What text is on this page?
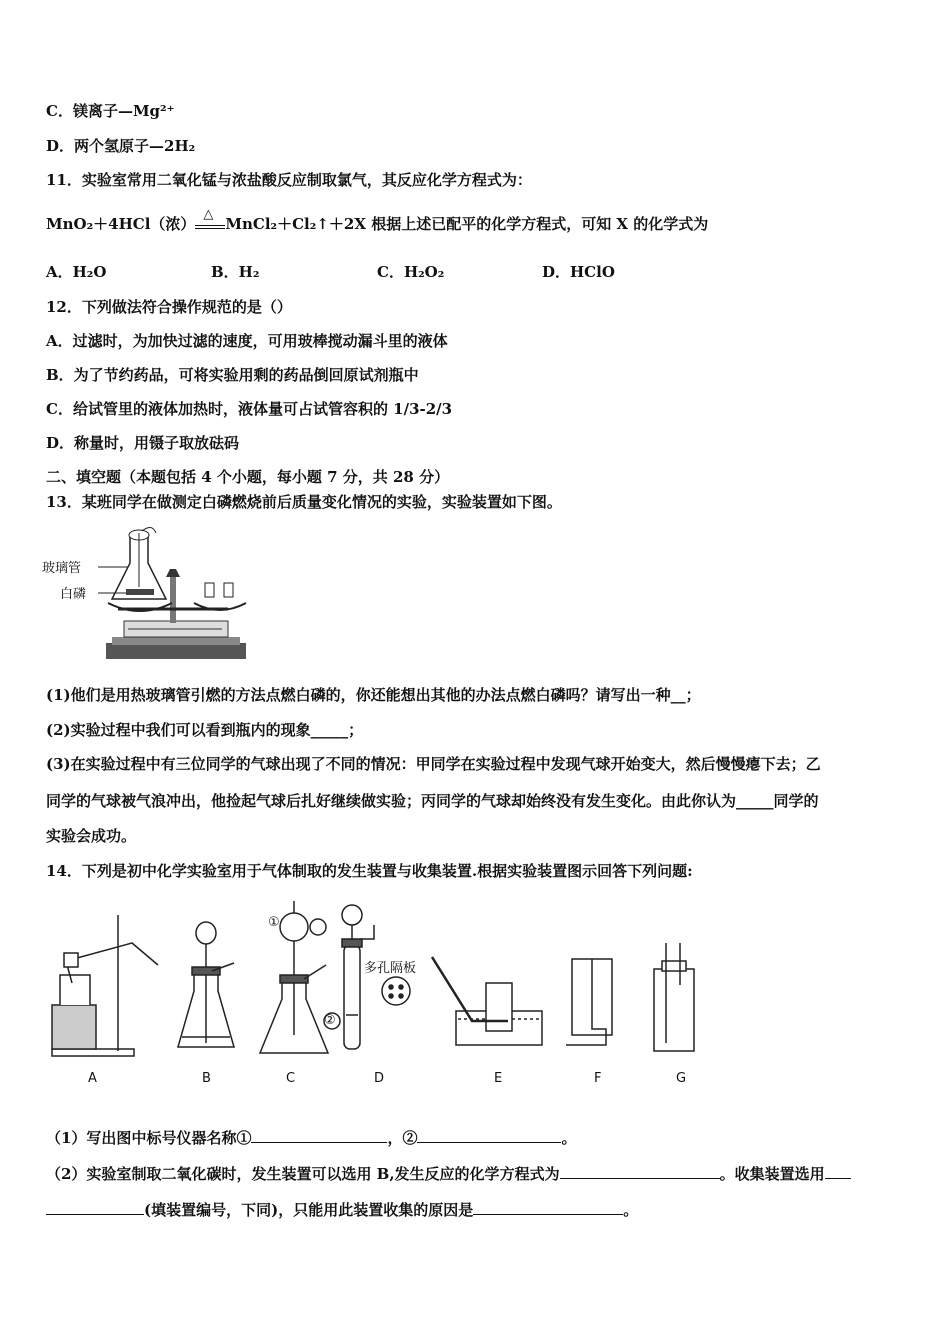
C．镁离子—Mg²⁺
D．两个氢原子—2H₂
11．实验室常用二氧化锰与浓盐酸反应制取氯气，其反应化学方程式为：
MnO₂＋4HCl（浓）
△
MnCl₂＋Cl₂↑＋2X 根据上述已配平的化学方程式，可知 X 的化学式为
A．H₂O	B．H₂	C．H₂O₂	D．HClO
12．下列做法符合操作规范的是（）
A．过滤时，为加快过滤的速度，可用玻棒搅动漏斗里的液体
B．为了节约药品，可将实验用剩的药品倒回原试剂瓶中
C．给试管里的液体加热时，液体量可占试管容积的 1/3-2/3
D．称量时，用镊子取放砝码
二、填空题（本题包括 4 个小题，每小题 7 分，共 28 分）
13．某班同学在做测定白磷燃烧前后质量变化情况的实验，实验装置如下图。
玻璃管
白磷
(1)他们是用热玻璃管引燃的方法点燃白磷的，你还能想出其他的办法点燃白磷吗？请写出一种__；
(2)实验过程中我们可以看到瓶内的现象_____；
(3)在实验过程中有三位同学的气球出现了不同的情况：甲同学在实验过程中发现气球开始变大，然后慢慢瘪下去；乙
同学的气球被气浪冲出，他捡起气球后扎好继续做实验；丙同学的气球却始终没有发生变化。由此你认为_____同学的
实验会成功。
14．下列是初中化学实验室用于气体制取的发生装置与收集装置.根据实验装置图示回答下列问题:
①
②
多孔隔板
A	B	C	D	E	F	G
（1）写出图中标号仪器名称①	，②	。
（2）实验室制取二氧化碳时，发生装置可以选用 B,发生反应的化学方程式为	。收集装置选用
(填装置编号，下同)，只能用此装置收集的原因是	。
